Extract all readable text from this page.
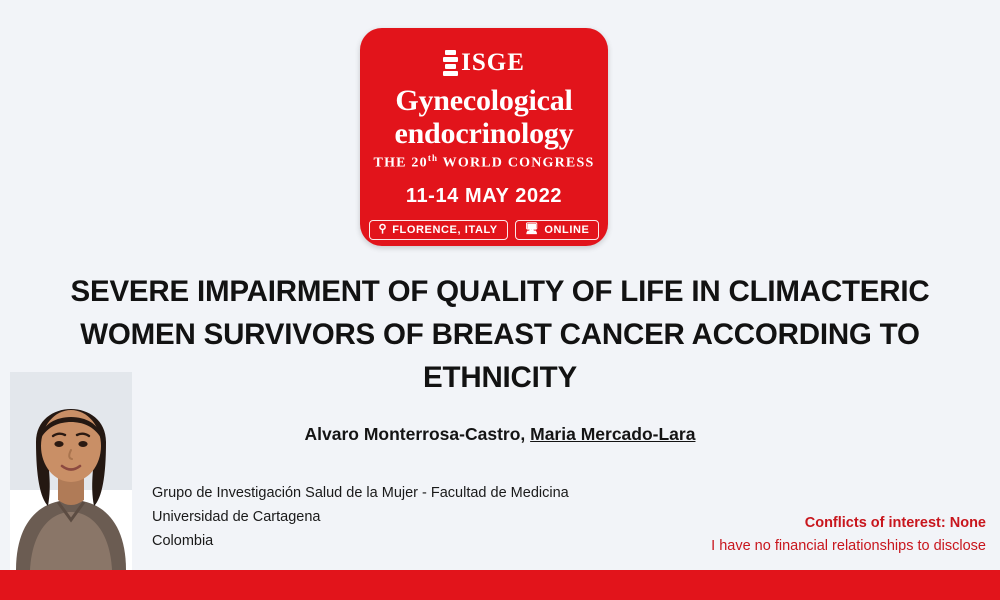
ISGE
Gynecological
endocrinology
THE 20th WORLD CONGRESS
11-14 MAY 2022
⚲ FLORENCE, ITALY 🖥 ONLINE
SEVERE IMPAIRMENT OF QUALITY OF LIFE IN CLIMACTERIC WOMEN SURVIVORS OF BREAST CANCER ACCORDING TO ETHNICITY
Alvaro Monterrosa-Castro, Maria Mercado-Lara
Grupo de Investigación Salud de la Mujer - Facultad de Medicina
Universidad de Cartagena
Colombia
Conflicts of interest: None
I have no financial relationships to disclose
